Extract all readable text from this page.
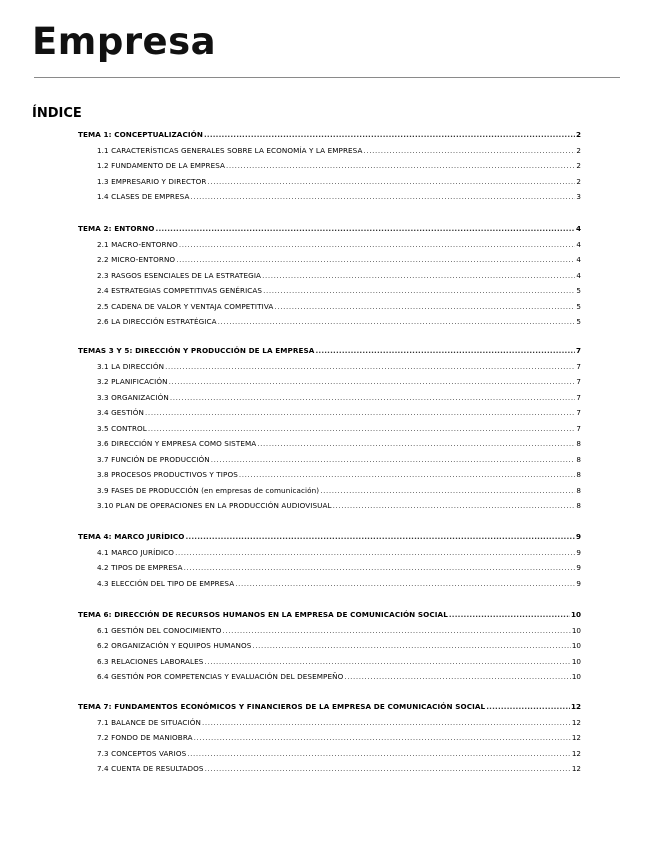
Empresa
ÍNDICE
TEMA 1: CONCEPTUALIZACIÓN .....	2
1.1 CARACTERÍSTICAS GENERALES SOBRE LA ECONOMÍA Y LA EMPRESA .....	2
1.2 FUNDAMENTO DE LA EMPRESA .....	2
1.3 EMPRESARIO Y DIRECTOR .....	2
1.4 CLASES DE EMPRESA .....	3
TEMA 2: ENTORNO .....	4
2.1 MACRO-ENTORNO .....	4
2.2 MICRO-ENTORNO .....	4
2.3 RASGOS ESENCIALES DE LA ESTRATEGIA .....	4
2.4 ESTRATEGIAS COMPETITIVAS GENÉRICAS .....	5
2.5 CADENA DE VALOR Y VENTAJA COMPETITIVA .....	5
2.6 LA DIRECCIÓN ESTRATÉGICA .....	5
TEMAS 3 Y 5: DIRECCIÓN Y PRODUCCIÓN DE LA EMPRESA .....	7
3.1 LA DIRECCIÓN .....	7
3.2 PLANIFICACIÓN .....	7
3.3 ORGANIZACIÓN .....	7
3.4 GESTIÓN .....	7
3.5 CONTROL .....	7
3.6 DIRECCIÓN Y EMPRESA COMO SISTEMA .....	8
3.7 FUNCIÓN DE PRODUCCIÓN .....	8
3.8 PROCESOS PRODUCTIVOS Y TIPOS .....	8
3.9 FASES DE PRODUCCIÓN (en empresas de comunicación) .....	8
3.10 PLAN DE OPERACIONES EN LA PRODUCCIÓN AUDIOVISUAL .....	8
TEMA 4: MARCO JURÍDICO .....	9
4.1 MARCO JURÍDICO .....	9
4.2 TIPOS DE EMPRESA .....	9
4.3 ELECCIÓN DEL TIPO DE EMPRESA .....	9
TEMA 6: DIRECCIÓN DE RECURSOS HUMANOS EN LA EMPRESA DE COMUNICACIÓN SOCIAL .....	10
6.1 GESTIÓN DEL CONOCIMIENTO .....	10
6.2 ORGANIZACIÓN Y EQUIPOS HUMANOS .....	10
6.3 RELACIONES LABORALES .....	10
6.4 GESTIÓN POR COMPETENCIAS Y EVALUACIÓN DEL DESEMPEÑO .....	10
TEMA 7: FUNDAMENTOS ECONÓMICOS Y FINANCIEROS DE LA EMPRESA DE COMUNICACIÓN SOCIAL .....	12
7.1 BALANCE DE SITUACIÓN .....	12
7.2 FONDO DE MANIOBRA .....	12
7.3 CONCEPTOS VARIOS .....	12
7.4 CUENTA DE RESULTADOS .....	12
